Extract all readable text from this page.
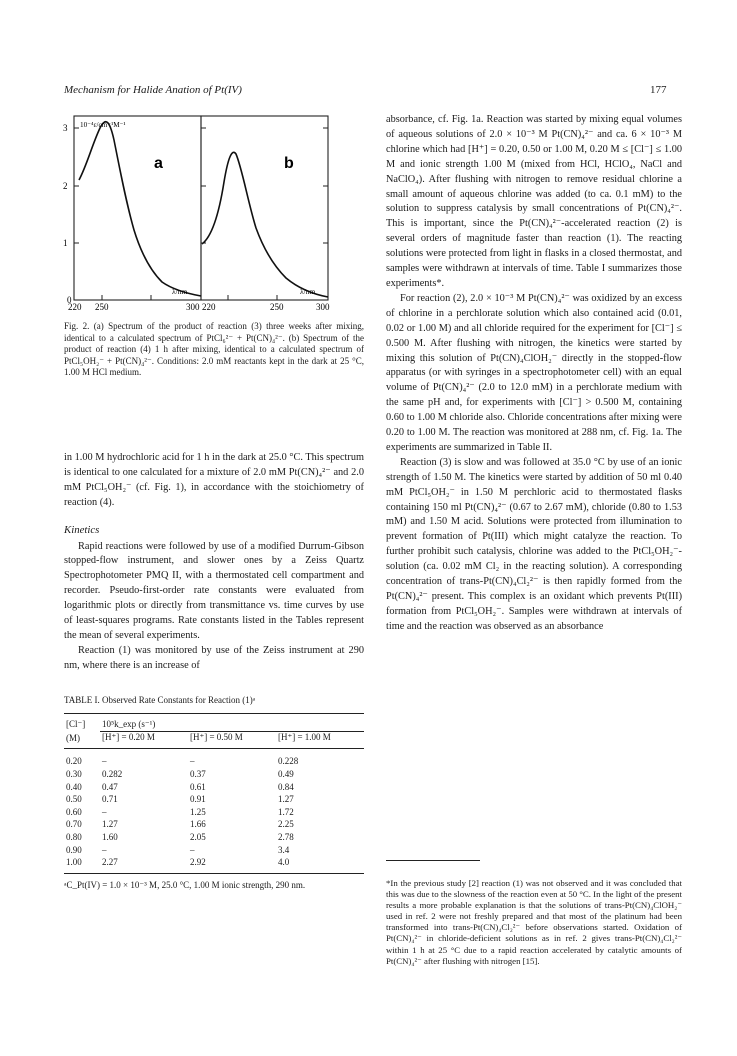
Mechanism for Halide Anation of Pt(IV)	177
3
2
1
0
10⁻⁴ε/cm⁻¹M⁻¹
a	b
λ/nm	λ/nm
220 250	300 220	250	300
Fig. 2. (a) Spectrum of the product of reaction (3) three weeks after mixing, identical to a calculated spectrum of PtCl₆²⁻ + Pt(CN)₄²⁻. (b) Spectrum of the product of reaction (4) 1 h after mixing, identical to a calculated spectrum of PtCl₅OH₂⁻ + Pt(CN)₄²⁻. Conditions: 2.0 mM reactants kept in the dark at 25 °C, 1.00 M HCl medium.

in 1.00 M hydrochloric acid for 1 h in the dark at 25.0 °C. This spectrum is identical to one calculated for a mixture of 2.0 mM Pt(CN)₄²⁻ and 2.0 mM PtCl₅OH₂⁻ (cf. Fig. 1), in accordance with the stoichiometry of reaction (4).

Kinetics

Rapid reactions were followed by use of a modified Durrum-Gibson stopped-flow instrument, and slower ones by a Zeiss Quartz Spectrophotometer PMQ II, with a thermostated cell compartment and recorder. Pseudo-first-order rate constants were evaluated from logarithmic plots or directly from transmittance vs. time curves by use of least-squares programs. Rate constants listed in the Tables represent the mean of several experiments.

Reaction (1) was monitored by use of the Zeiss instrument at 290 nm, where there is an increase of

TABLE I. Observed Rate Constants for Reaction (1)ᵃ
[Cl⁻]	10⁵k_exp (s⁻¹)		
(M)	[H⁺] = 0.20 M	[H⁺] = 0.50 M	[H⁺] = 1.00 M
0.20	–	–	0.228
0.30	0.282	0.37	0.49
0.40	0.47	0.61	0.84
0.50	0.71	0.91	1.27
0.60	–	1.25	1.72
0.70	1.27	1.66	2.25
0.80	1.60	2.05	2.78
0.90	–	–	3.4
1.00	2.27	2.92	4.0
ᵃC_Pt(IV) = 1.0 × 10⁻³ M, 25.0 °C, 1.00 M ionic strength, 290 nm.

absorbance, cf. Fig. 1a. Reaction was started by mixing equal volumes of aqueous solutions of 2.0 × 10⁻³ M Pt(CN)₄²⁻ and ca. 6 × 10⁻³ M chlorine which had [H⁺] = 0.20, 0.50 or 1.00 M, 0.20 M ≤ [Cl⁻] ≤ 1.00 M and ionic strength 1.00 M (mixed from HCl, HClO₄, NaCl and NaClO₄). After flushing with nitrogen to remove residual chlorine a small amount of aqueous chlorine was added (to ca. 0.1 mM) to the solution to suppress catalysis by small concentrations of Pt(CN)₄²⁻. This is important, since the Pt(CN)₄²⁻-accelerated reaction (2) is several orders of magnitude faster than reaction (1). The reacting solutions were protected from light in flasks in a closed thermostat, and samples were withdrawn at intervals of time. Table I summarizes those experiments*.

For reaction (2), 2.0 × 10⁻³ M Pt(CN)₄²⁻ was oxidized by an excess of chlorine in a perchlorate solution which also contained acid (0.01, 0.02 or 1.00 M) and all chloride required for the experiment for [Cl⁻] ≤ 0.500 M. After flushing with nitrogen, the kinetics were started by mixing this solution of Pt(CN)₄ClOH₂⁻ directly in the stopped-flow apparatus (or with syringes in a spectrophotometer cell) with an equal volume of Pt(CN)₄²⁻ (2.0 to 12.0 mM) in a perchlorate medium with the same pH and, for experiments with [Cl⁻] > 0.500 M, containing 0.60 to 1.00 M chloride also. Chloride concentrations after mixing were 0.20 to 1.00 M. The reaction was monitored at 288 nm, cf. Fig. 1a. The experiments are summarized in Table II.

Reaction (3) is slow and was followed at 35.0 °C by use of an ionic strength of 1.50 M. The kinetics were started by addition of 50 ml 0.40 mM PtCl₅OH₂⁻ in 1.50 M perchloric acid to thermostated flasks containing 150 ml Pt(CN)₄²⁻ (0.67 to 2.67 mM), chloride (0.80 to 1.53 mM) and 1.50 M acid. Solutions were protected from illumination to prevent formation of Pt(III) which might catalyze the reaction. To further prohibit such catalysis, chlorine was added to the PtCl₅OH₂⁻-solution (ca. 0.02 mM Cl₂ in the reacting solution). A corresponding concentration of trans-Pt(CN)₄Cl₂²⁻ is then rapidly formed from the Pt(CN)₄²⁻ present. This complex is an oxidant which prevents Pt(III) formation from PtCl₅OH₂⁻. Samples were withdrawn at intervals of time and the reaction was observed as an absorbance

*In the previous study [2] reaction (1) was not observed and it was concluded that this was due to the slowness of the reaction even at 50 °C. In the light of the present results a more probable explanation is that the solutions of trans-Pt(CN)₄ClOH₂⁻ used in ref. 2 were not freshly prepared and that most of the platinum had been transformed into trans-Pt(CN)₄Cl₂²⁻ before observations started. Oxidation of Pt(CN)₄²⁻ in chloride-deficient solutions as in ref. 2 gives trans-Pt(CN)₄Cl₂²⁻ within 1 h at 25 °C due to a rapid reaction accelerated by catalytic amounts of Pt(CN)₄²⁻ after flushing with nitrogen [15].
